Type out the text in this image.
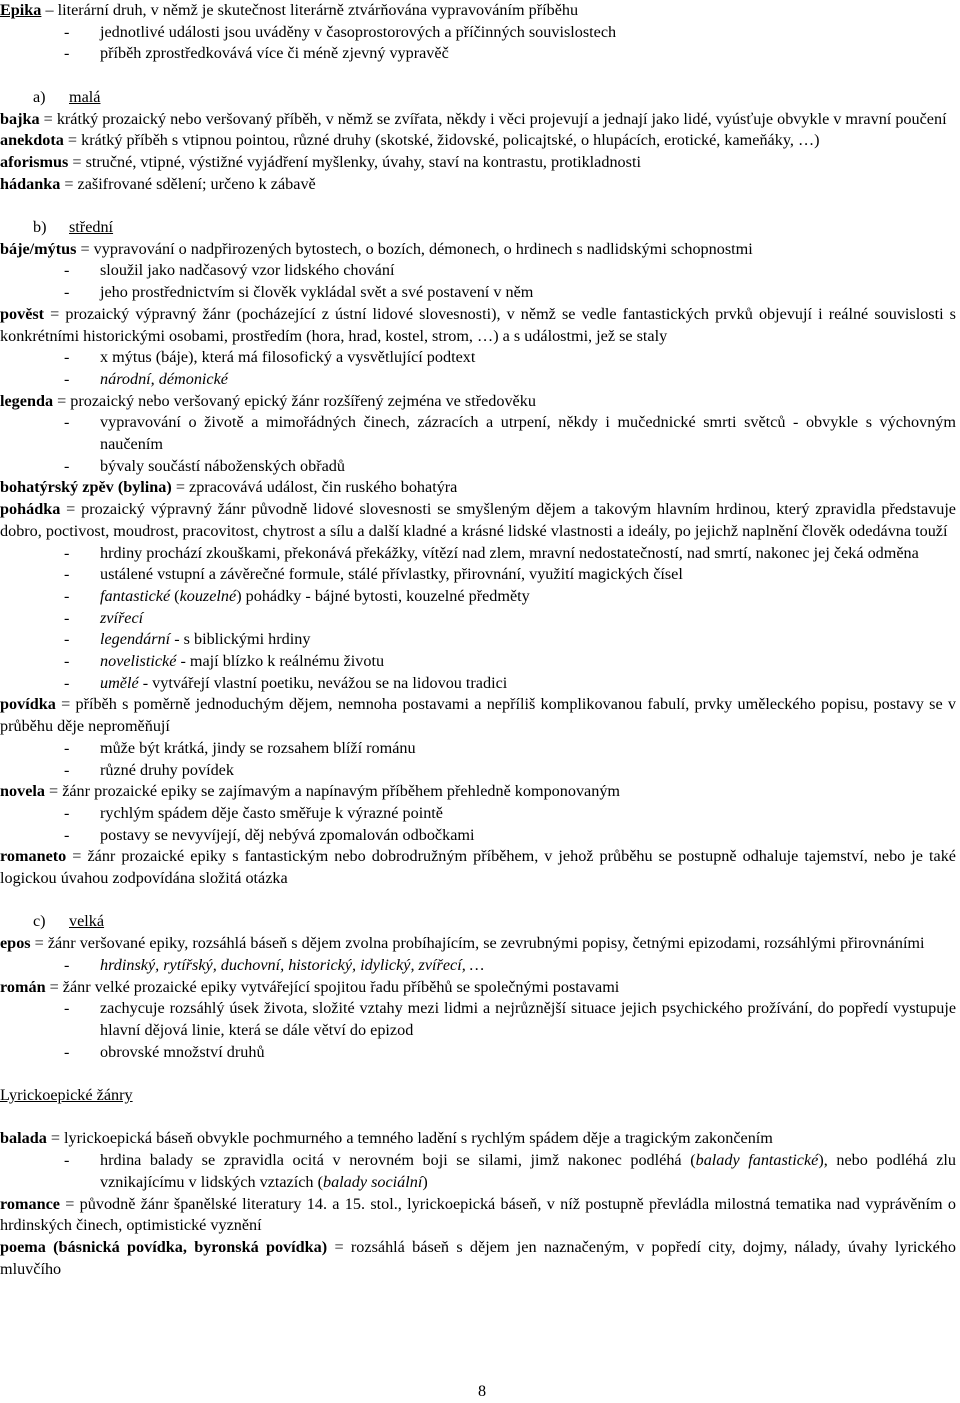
Epika – literární druh, v němž je skutečnost literárně ztvárňována vypravováním příběhu

- jednotlivé události jsou uváděny v časoprostorových a příčinných souvislostech

- příběh zprostředkovává více či méně zjevný vypravěč

a) malá

bajka = krátký prozaický nebo veršovaný příběh, v němž se zvířata, někdy i věci projevují a jednají jako lidé, vyúsťuje obvykle v mravní poučení

anekdota = krátký příběh s vtipnou pointou, různé druhy (skotské, židovské, policajtské, o hlupácích, erotické, kameňáky, …)

aforismus = stručné, vtipné, výstižné vyjádření myšlenky, úvahy, staví na kontrastu, protikladnosti

hádanka = zašifrované sdělení; určeno k zábavě

b) střední

báje/mýtus = vypravování o nadpřirozených bytostech, o bozích, démonech, o hrdinech s nadlidskými schopnostmi

- sloužil jako nadčasový vzor lidského chování

- jeho prostřednictvím si člověk vykládal svět a své postavení v něm

pověst = prozaický výpravný žánr (pocházející z ústní lidové slovesnosti), v němž se vedle fantastických prvků objevují i reálné souvislosti s konkrétními historickými osobami, prostředím (hora, hrad, kostel, strom, …) a s událostmi, jež se staly

- x mýtus (báje), která má filosofický a vysvětlující podtext

- národní, démonické

legenda = prozaický nebo veršovaný epický žánr rozšířený zejména ve středověku

- vypravování o životě a mimořádných činech, zázracích a utrpení, někdy i mučednické smrti světců - obvykle s výchovným naučením

- bývaly součástí náboženských obřadů

bohatýrský zpěv (bylina) = zpracovává událost, čin ruského bohatýra

pohádka = prozaický výpravný žánr původně lidové slovesnosti se smyšleným dějem a takovým hlavním hrdinou, který zpravidla představuje dobro, poctivost, moudrost, pracovitost, chytrost a sílu a další kladné a krásné lidské vlastnosti a ideály, po jejichž naplnění člověk odedávna touží

- hrdiny prochází zkouškami, překonává překážky, vítězí nad zlem, mravní nedostatečností, nad smrtí, nakonec jej čeká odměna

- ustálené vstupní a závěrečné formule, stálé přívlastky, přirovnání, využití magických čísel

- fantastické (kouzelné) pohádky - bájné bytosti, kouzelné předměty

- zvířecí

- legendární - s biblickými hrdiny

- novelistické - mají blízko k reálnému životu

- umělé - vytvářejí vlastní poetiku, nevážou se na lidovou tradici

povídka = příběh s poměrně jednoduchým dějem, nemnoha postavami a nepříliš komplikovanou fabulí, prvky uměleckého popisu, postavy se v průběhu děje neproměňují

- může být krátká, jindy se rozsahem blíží románu

- různé druhy povídek

novela = žánr prozaické epiky se zajímavým a napínavým příběhem přehledně komponovaným

- rychlým spádem děje často směřuje k výrazné pointě

- postavy se nevyvíjejí, děj nebývá zpomalován odbočkami

romaneto = žánr prozaické epiky s fantastickým nebo dobrodružným příběhem, v jehož průběhu se postupně odhaluje tajemství, nebo je také logickou úvahou zodpovídána složitá otázka

c) velká

epos = žánr veršované epiky, rozsáhlá báseň s dějem zvolna probíhajícím, se zevrubnými popisy, četnými epizodami, rozsáhlými přirovnáními

- hrdinský, rytířský, duchovní, historický, idylický, zvířecí, …

román = žánr velké prozaické epiky vytvářející spojitou řadu příběhů se společnými postavami

- zachycuje rozsáhlý úsek života, složité vztahy mezi lidmi a nejrůznější situace jejich psychického prožívání, do popředí vystupuje hlavní dějová linie, která se dále větví do epizod

- obrovské množství druhů

Lyrickoepické žánry

balada = lyrickoepická báseň obvykle pochmurného a temného ladění s rychlým spádem děje a tragickým zakončením

- hrdina balady se zpravidla ocitá v nerovném boji se silami, jimž nakonec podléhá (balady fantastické), nebo podléhá zlu vznikajícímu v lidských vztazích (balady sociální)

romance = původně žánr španělské literatury 14. a 15. stol., lyrickoepická báseň, v níž postupně převládla milostná tematika nad vyprávěním o hrdinských činech, optimistické vyznění

poema (básnická povídka, byronská povídka) = rozsáhlá báseň s dějem jen naznačeným, v popředí city, dojmy, nálady, úvahy lyrického mluvčího

8
